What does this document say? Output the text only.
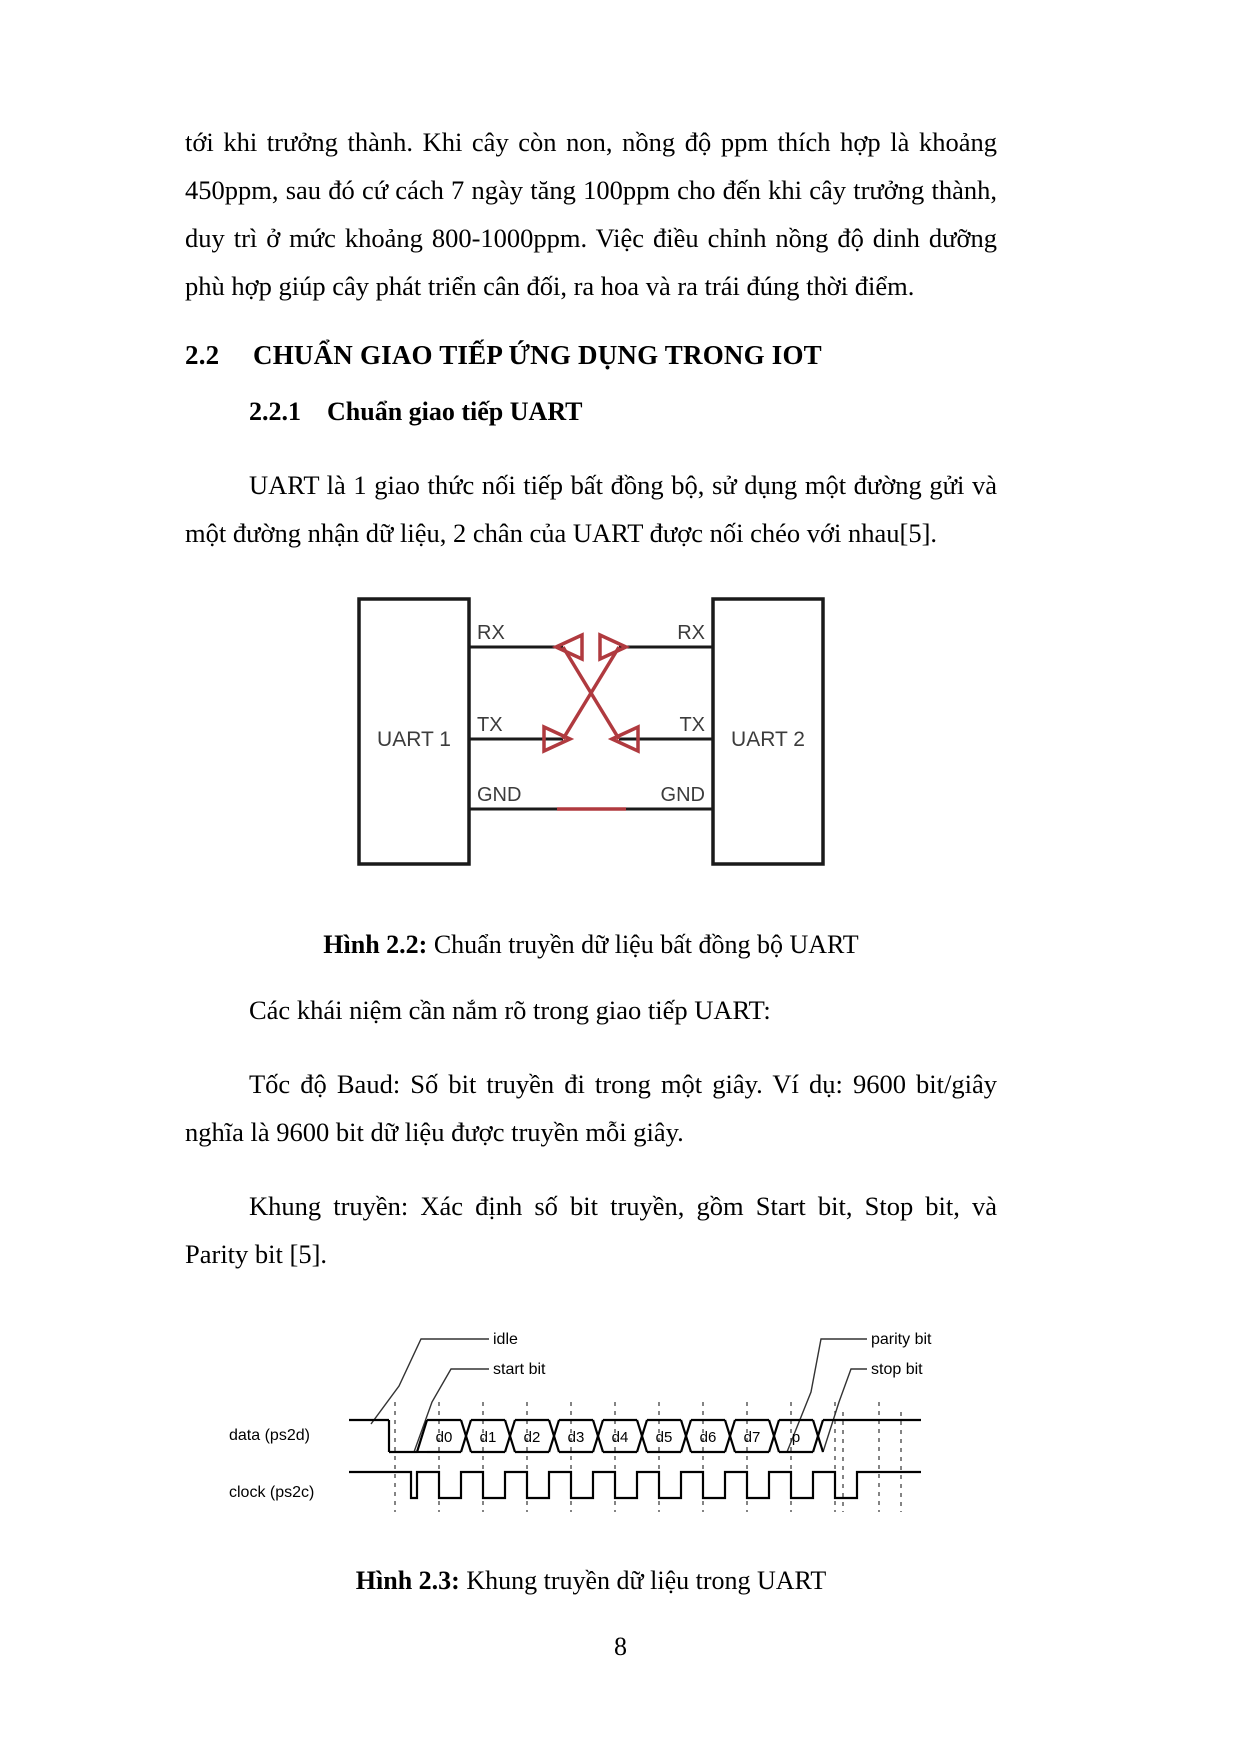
tới khi trưởng thành. Khi cây còn non, nồng độ ppm thích hợp là khoảng 450ppm, sau đó cứ cách 7 ngày tăng 100ppm cho đến khi cây trưởng thành, duy trì ở mức khoảng 800-1000ppm. Việc điều chỉnh nồng độ dinh dưỡng phù hợp giúp cây phát triển cân đối, ra hoa và ra trái đúng thời điểm.

2.2	CHUẨN GIAO TIẾP ỨNG DỤNG TRONG IOT
2.2.1	Chuẩn giao tiếp UART

UART là 1 giao thức nối tiếp bất đồng bộ, sử dụng một đường gửi và một đường nhận dữ liệu, 2 chân của UART được nối chéo với nhau[5].

UART 1	UART 2
RX
TX
GND
RX
TX
GND

Hình 2.2: Chuẩn truyền dữ liệu bất đồng bộ UART

Các khái niệm cần nắm rõ trong giao tiếp UART:

Tốc độ Baud: Số bit truyền đi trong một giây. Ví dụ: 9600 bit/giây nghĩa là 9600 bit dữ liệu được truyền mỗi giây.

Khung truyền: Xác định số bit truyền, gồm Start bit, Stop bit, và Parity bit [5].

data (ps2d)
clock (ps2c)
idle
start bit
parity bit
stop bit
d0 d1 d2 d3 d4 d5 d6 d7 p

Hình 2.3: Khung truyền dữ liệu trong UART

8
